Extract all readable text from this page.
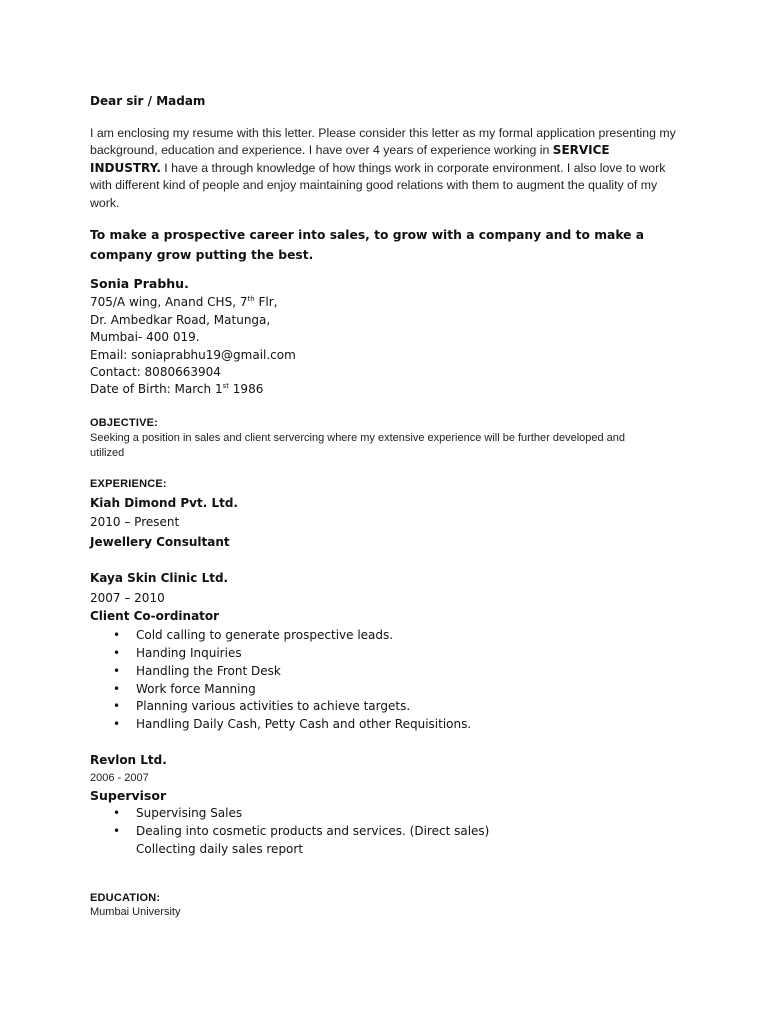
Dear sir / Madam
I am enclosing my resume with this letter. Please consider this letter as my formal application presenting my background, education and experience. I have over 4 years of experience working in SERVICE INDUSTRY. I have a through knowledge of how things work in corporate environment. I also love to work with different kind of people and enjoy maintaining good relations with them to augment the quality of my work.
To make a prospective career into sales, to grow with a company and to make a company grow putting the best.
Sonia Prabhu.
705/A wing, Anand CHS, 7th Flr,
Dr. Ambedkar Road, Matunga,
Mumbai- 400 019.
Email: soniaprabhu19@gmail.com
Contact: 8080663904
Date of Birth: March 1st 1986
OBJECTIVE:
Seeking a position in sales and client servercing where my extensive experience will be further developed and
utilized
EXPERIENCE:
Kiah Dimond Pvt. Ltd.
2010 – Present
Jewellery Consultant
Kaya Skin Clinic Ltd.
2007 – 2010
Client Co-ordinator
• Cold calling to generate prospective leads.
• Handing Inquiries
• Handling the Front Desk
• Work force Manning
• Planning various activities to achieve targets.
• Handling Daily Cash, Petty Cash and other Requisitions.
Revlon Ltd.
2006 - 2007
Supervisor
• Supervising Sales
• Dealing into cosmetic products and services. (Direct sales)
Collecting daily sales report
EDUCATION:
Mumbai University
